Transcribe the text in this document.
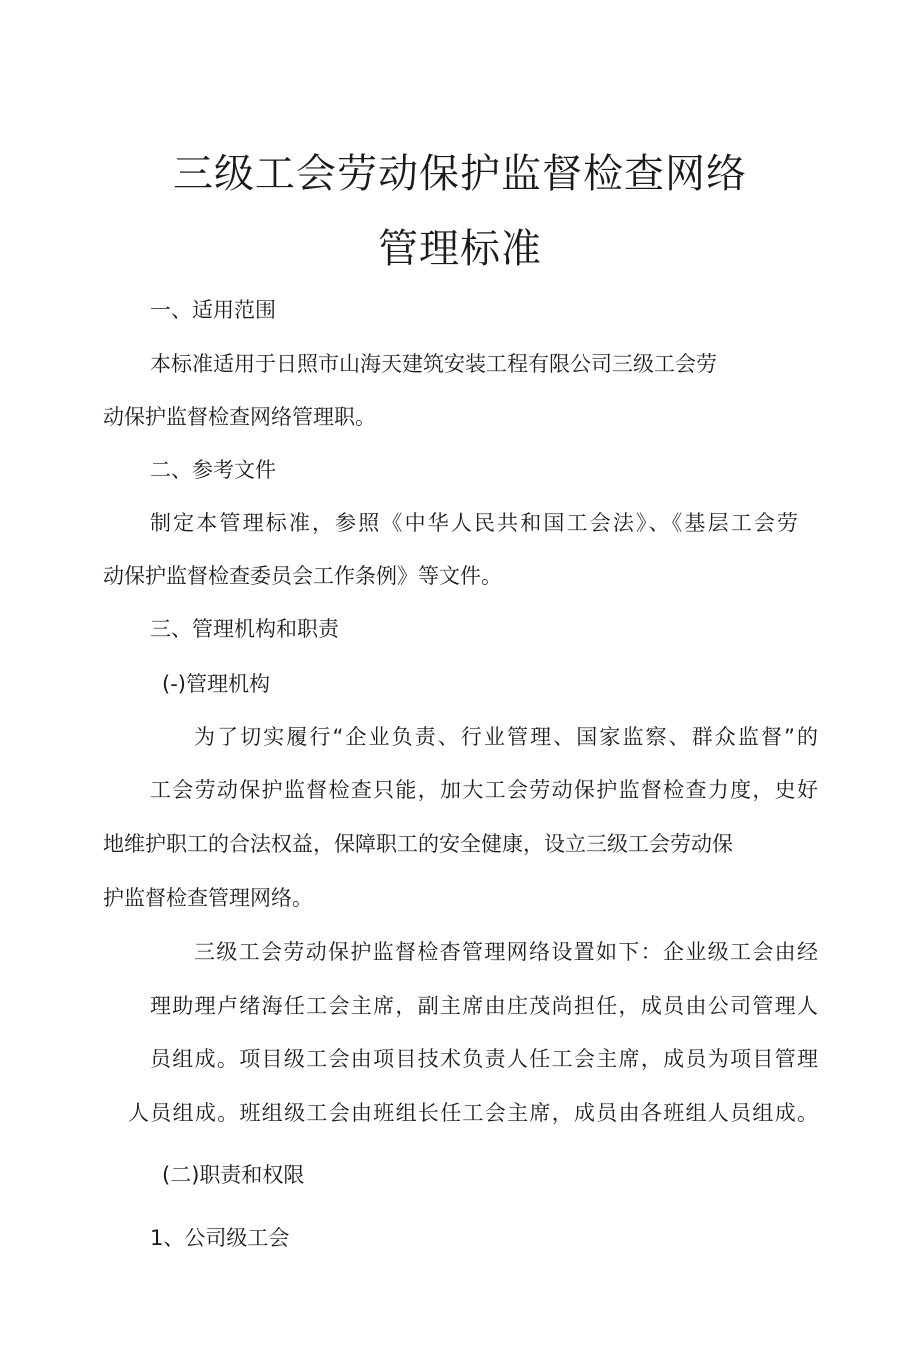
三级工会劳动保护监督检查网络
管理标准
一、适用范围
本标准适用于日照市山海天建筑安装工程有限公司三级工会劳
动保护监督检查网络管理职。
二、参考文件
制定本管理标准，参照《中华人民共和国工会法》、《基层工会劳
动保护监督检查委员会工作条例》等文件。
三、管理机构和职责
(-)管理机构
为了切实履行“企业负责、行业管理、国家监察、群众监督”的
工会劳动保护监督检查只能，加大工会劳动保护监督检查力度，史好
地维护职工的合法权益，保障职工的安全健康，设立三级工会劳动保
护监督检查管理网络。
三级工会劳动保护监督检杳管理网络设置如下：企业级工会由经
理助理卢绪海任工会主席，副主席由庄茂尚担任，成员由公司管理人
员组成。项目级工会由项目技术负责人任工会主席，成员为项目管理
人员组成。班组级工会由班组长任工会主席，成员由各班组人员组成。
(二)职责和权限
1、公司级工会
